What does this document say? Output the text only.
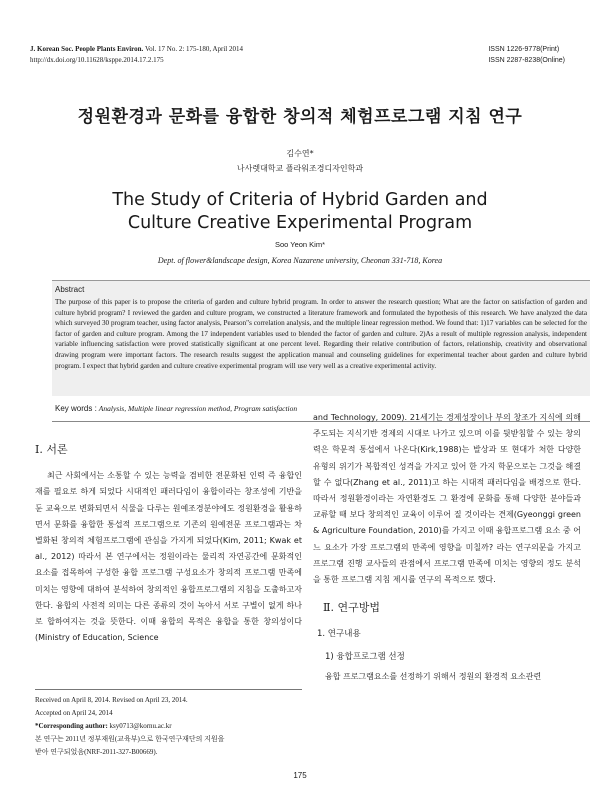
J. Korean Soc. People Plants Environ. Vol. 17 No. 2: 175-180, April 2014
http://dx.doi.org/10.11628/ksppe.2014.17.2.175
ISSN 1226-9778(Print)
ISSN 2287-8238(Online)
정원환경과 문화를 융합한 창의적 체험프로그램 지침 연구
김수연*
나사렛대학교 플라워조경디자인학과
The Study of Criteria of Hybrid Garden and
Culture Creative Experimental Program
Soo Yeon Kim*
Dept. of flower&landscape design, Korea Nazarene university, Cheonan 331-718, Korea
Abstract
The purpose of this paper is to propose the criteria of garden and culture hybrid program. In order to answer the research question; What are the factor on satisfaction of garden and culture hybrid program? I reviewed the garden and culture program, we constructed a literature framework and formulated the hypothesis of this research. We have analyzed the data which surveyed 30 program teacher, using factor analysis, Pearson"s correlation analysis, and the multiple linear regression method. We found that: 1)17 variables can be selected for the factor of garden and culture program. Among the 17 independent variables used to blended the factor of garden and culture. 2)As a result of multiple regression analysis, independent variable influencing satisfaction were proved statistically significant at one percent level. Regarding their relative contribution of factors, relationship, creativity and observational drawing program were important factors. The research results suggest the application manual and counseling guidelines for experimental teacher about garden and culture hybrid program. I expect that hybrid garden and culture creative experimental program will use very well as a creative experimental activity.
Key words : Analysis, Multiple linear regression method, Program satisfaction
Ⅰ. 서론

최근 사회에서는 소통할 수 있는 능력을 겸비한 전문화된 인력 즉 융합인재를 필요로 하게 되었다 시대적인 패러다임이 융합이라는 창조성에 기반을 둔 교육으로 변화되면서 식물을 다루는 원예조경분야에도 정원환경을 활용하면서 문화를 융합한 통섭적 프로그램으로 기존의 원예전문 프로그램과는 차별화된 창의적 체험프로그램에 관심을 가지게 되었다(Kim, 2011; Kwak et al., 2012) 따라서 본 연구에서는 정원이라는 물리적 자연공간에 문화적인 요소를 접목하여 구성한 융합 프로그램 구성요소가 창의적 프로그램 만족에 미치는 영향에 대하여 분석하여 창의적인 융합프로그램의 지침을 도출하고자 한다. 융합의 사전적 의미는 다른 종류의 것이 녹아서 서로 구별이 없게 하나로 합하여지는 것을 뜻한다. 이때 융합의 목적은 융합을 통한 창의성이다(Ministry of Education, Science

Received on April 8, 2014. Revised on April 23, 2014.
Accepted on April 24, 2014
*Corresponding author: ksy0713@kornu.ac.kr
본 연구는 2011년 정부재원(교육부)으로 한국연구재단의 지원을
받아 연구되었음(NRF-2011-327-B00669).

and Technology, 2009). 21세기는 경제성장이나 부의 창조가 지식에 의해 주도되는 지식기반 경제의 시대로 나가고 있으며 이를 뒷받침할 수 있는 창의력은 학문적 통섭에서 나온다(Kirk,1988)는 발상과 또 현대가 처한 다양한 유형의 위기가 복합적인 성격을 가지고 있어 한 가지 학문으로는 그것을 해결할 수 없다(Zhang et al., 2011)고 하는 시대적 패러다임을 배경으로 한다. 따라서 정원환경이라는 자연환경도 그 환경에 문화를 통해 다양한 분야들과 교류할 때 보다 창의적인 교육이 이루어 질 것이라는 견제(Gyeonggi green & Agriculture Foundation, 2010)를 가지고 이때 융합프로그램 요소 중 어느 요소가 가장 프로그램의 만족에 영향을 미칠까? 라는 연구의문을 가지고 프로그램 진행 교사들의 관점에서 프로그램 만족에 미치는 영향의 정도 분석을 통한 프로그램 지침 제시를 연구의 목적으로 했다.

Ⅱ. 연구방법
1. 연구내용
1) 융합프로그램 선정

융합 프로그램요소를 선정하기 위해서 정원의 환경적 요소관련

175
